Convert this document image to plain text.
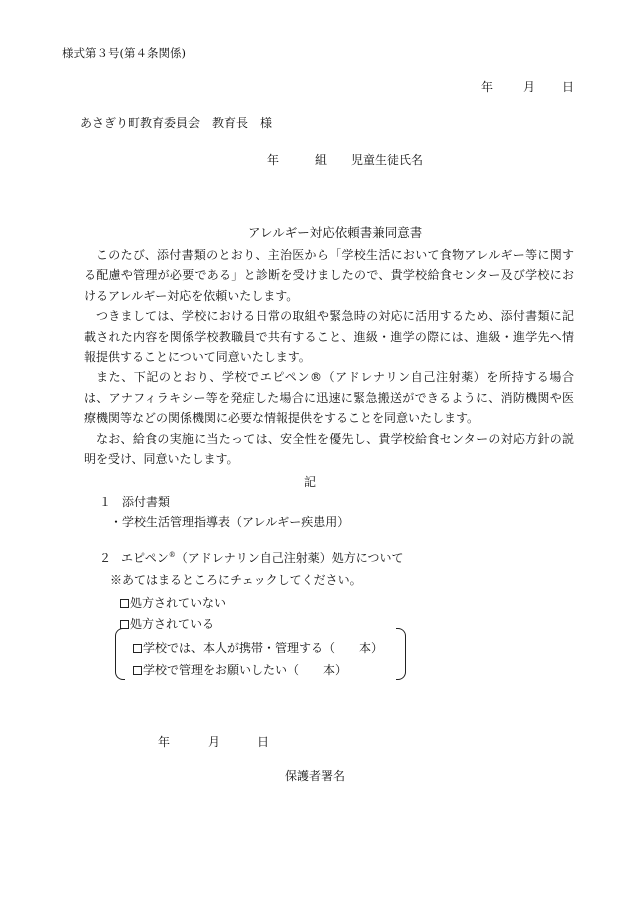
様式第３号(第４条関係)
年 月 日
あさぎり町教育委員会　教育長　様
年　　　組　　児童生徒氏名
アレルギー対応依頼書兼同意書

このたび、添付書類のとおり、主治医から「学校生活において食物アレルギー等に関する配慮や管理が必要である」と診断を受けましたので、貴学校給食センター及び学校におけるアレルギー対応を依頼いたします。

つきましては、学校における日常の取組や緊急時の対応に活用するため、添付書類に記載された内容を関係学校教職員で共有すること、進級・進学の際には、進級・進学先へ情報提供することについて同意いたします。

また、下記のとおり、学校でエピペン®（アドレナリン自己注射薬）を所持する場合は、アナフィラキシー等を発症した場合に迅速に緊急搬送ができるように、消防機関や医療機関等などの関係機関に必要な情報提供をすることを同意いたします。

なお、給食の実施に当たっては、安全性を優先し、貴学校給食センターの対応方針の説明を受け、同意いたします。

記
１ 添付書類
・学校生活管理指導表（アレルギー疾患用）
２ エピペン®（アドレナリン自己注射薬）処方について
※あてはまるところにチェックしてください。
処方されていない
処方されている
学校では、本人が携帯・管理する（　　本）
学校で管理をお願いしたい（　　本）
年	月	日
保護者署名
